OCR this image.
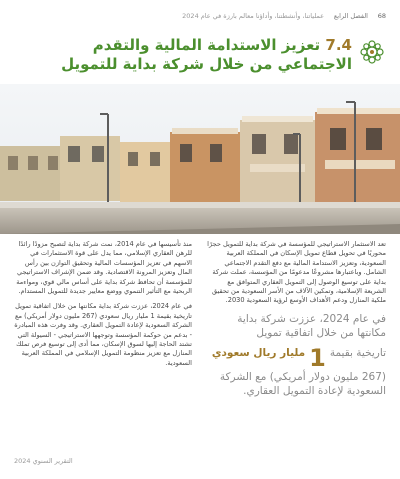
68
الفصل الرابع
عملياتنا، وأنشطتنا، وأداؤنا معالم بارزة في عام 2024
7.4 تعزيز الاستدامة المالية والتقدم
الاجتماعي من خلال شركة بداية للتمويل

تعد الاستثمار الاستراتيجي للمؤسسة في شركة بداية للتمويل حجرًا محوريًا في تحويل قطاع تمويل الإسكان في المملكة العربية السعودية، وتعزيز الاستدامة المالية مع دفع التقدم الاجتماعي الشامل. وباعتبارها مشروعًا مدعومًا من المؤسسة، عملت شركة بداية على توسيع الوصول إلى التمويل العقاري المتوافق مع الشريعة الإسلامية، وتمكين الآلاف من الأسر السعودية من تحقيق ملكية المنازل ودعم الأهداف الأوسع لرؤية السعودية 2030.

في عام 2024، عززت شركة بداية مكانتها من خلال اتفاقية تمويل
تاريخية بقيمة
1
مليار ريال سعودي
(267 مليون دولار أمريكي) مع الشركة السعودية لإعادة التمويل العقاري.

منذ تأسيسها في عام 2014، نمت شركة بداية لتصبح مزودًا رائدًا للرهن العقاري الإسلامي، مما يدل على قوة الاستثمارات في الاسهم في تعزيز المؤسسات المالية وتحقيق التوازن بين رأس المال وتعزيز المرونة الاقتصادية. وقد ضمن الإشراف الاستراتيجي للمؤسسة أن تحافظ شركة بداية على أساس مالي قوي، ومواءمة الربحية مع التأثير التنموي ووضع معايير جديدة للتمويل المستدام.

في عام 2024، عززت شركة بداية مكانتها من خلال اتفاقية تمويل تاريخية بقيمة 1 مليار ريال سعودي (267 مليون دولار أمريكي) مع الشركة السعودية لإعادة التمويل العقاري. وقد وفرت هذه المبادرة - بدعم من حوكمة المؤسسة وتوجهها الاستراتيجي - السيولة التي تشتد الحاجة إليها لسوق الإسكان، مما أدى إلى توسيع فرص تملك المنازل مع تعزيز منظومة التمويل الإسلامي في المملكة العربية السعودية.

التقرير السنوي 2024
